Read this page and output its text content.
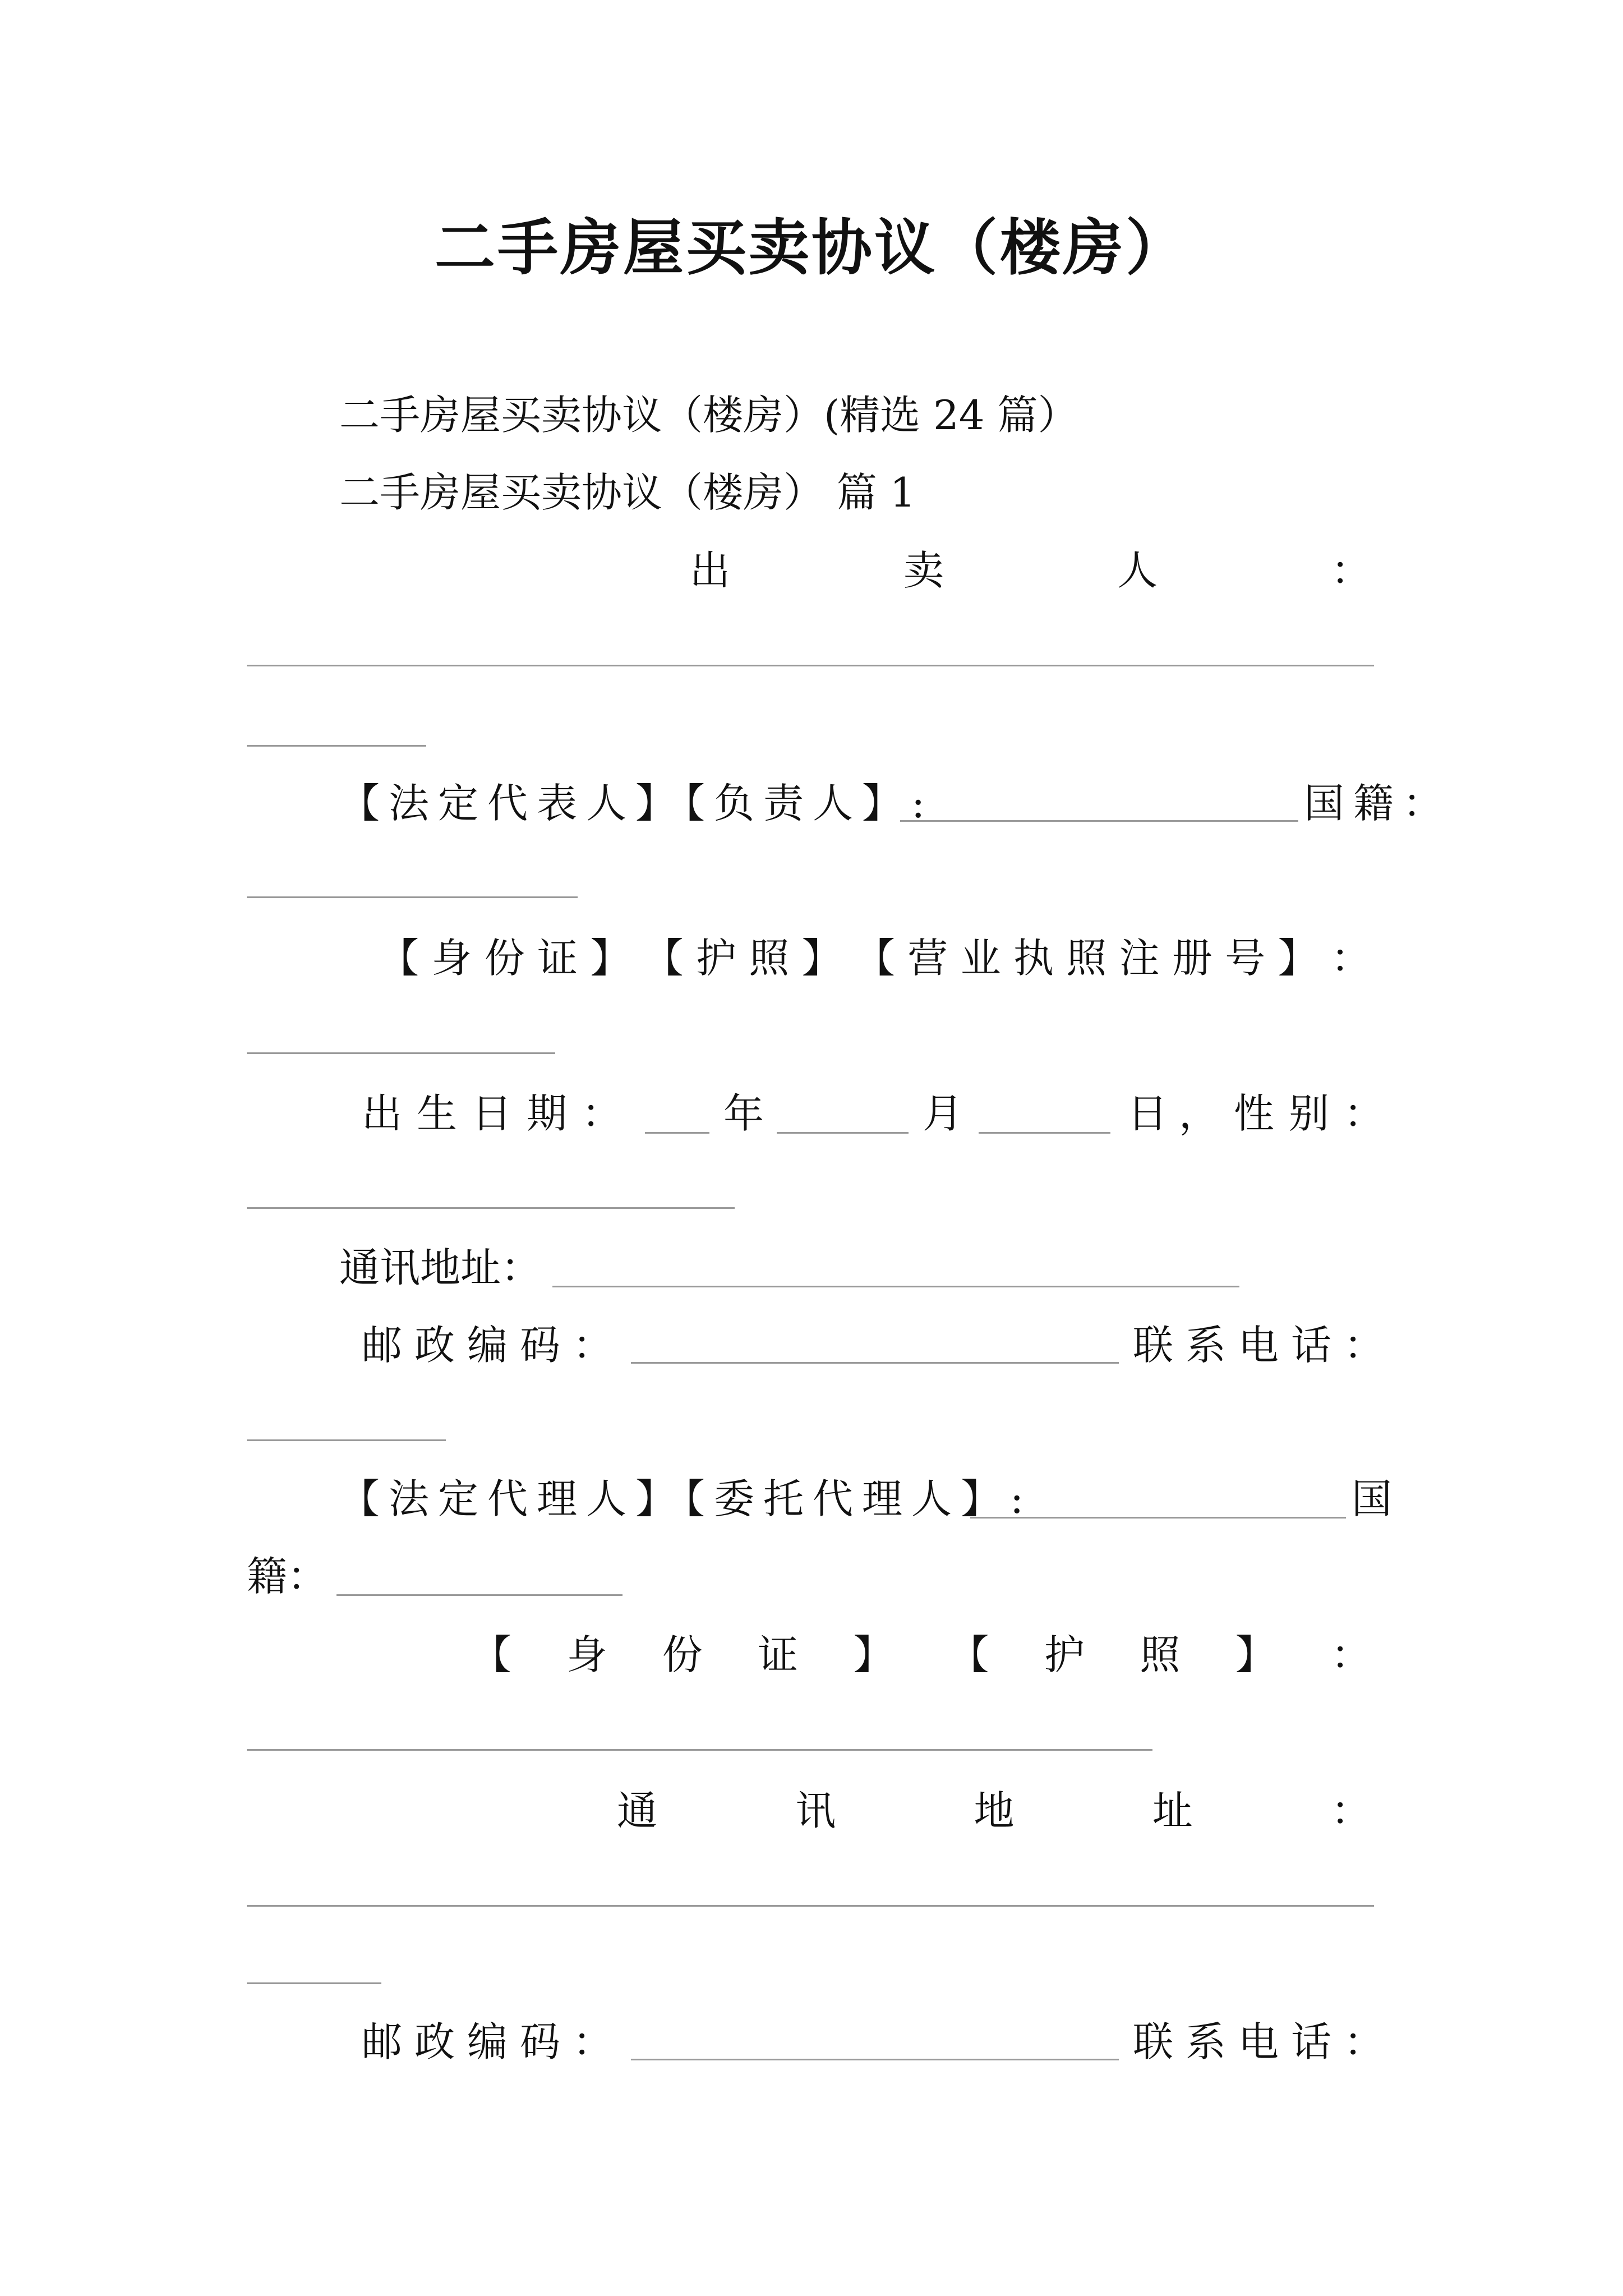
二手房屋买卖协议（楼房）
二手房屋买卖协议（楼房）(精选 24 篇）
二手房屋买卖协议（楼房） 篇 1
出	卖	人	：
【法定代表人】【负责人】:	国籍：
【 身 份 证 】 【 护 照 】 【 营 业 执 照 注 册 号 】 ：
出生日期： 年	月	日， 性别：
通讯地址：
邮政编码：	联系电话：
【法定代理人】【委托代理人】:	国
籍：
【 身 份 证 】 【 护 照 】 ：
通	讯	地	址	：
邮政编码：	联系电话：
